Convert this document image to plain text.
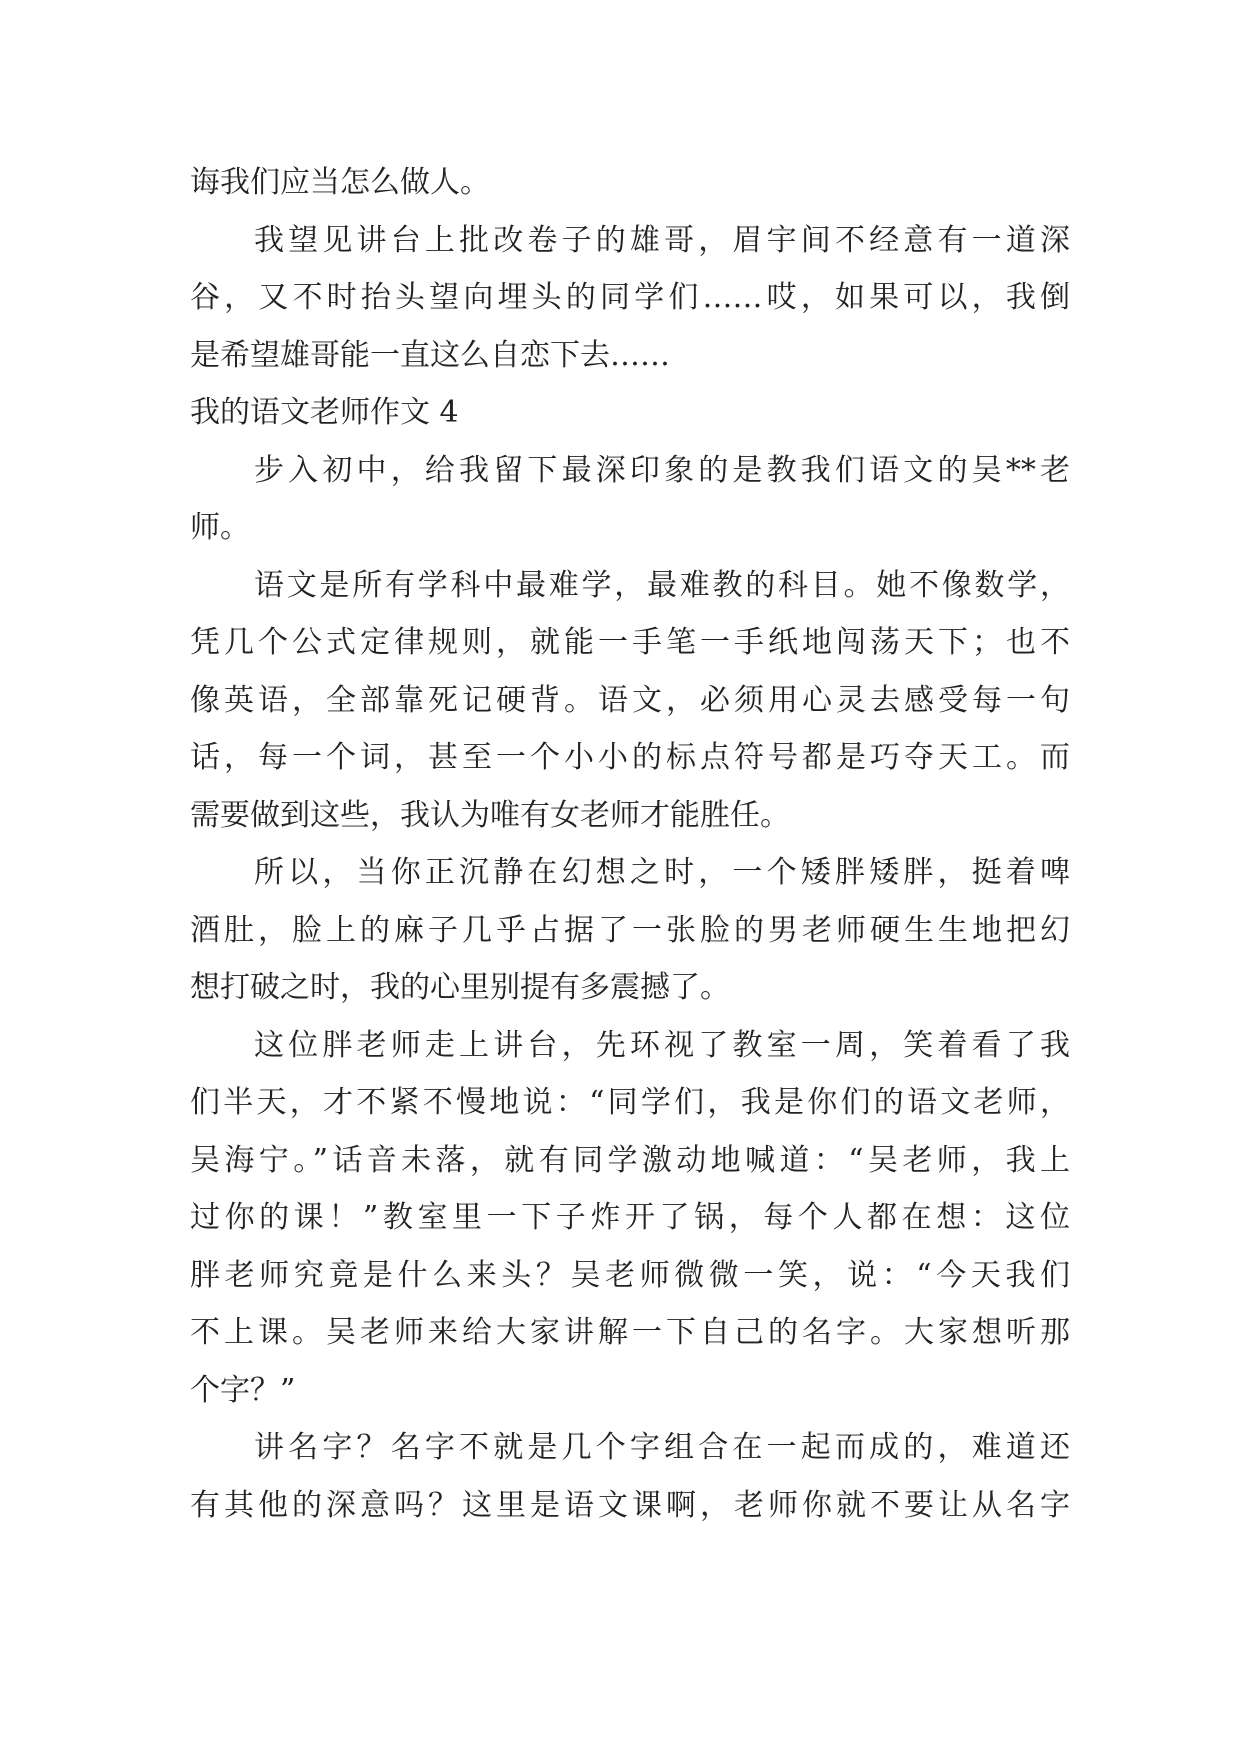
诲我们应当怎么做人。

我望见讲台上批改卷子的雄哥，眉宇间不经意有一道深
谷，又不时抬头望向埋头的同学们……哎，如果可以，我倒
是希望雄哥能一直这么自恋下去……

我的语文老师作文 4

步入初中，给我留下最深印象的是教我们语文的吴**老
师。

语文是所有学科中最难学，最难教的科目。她不像数学，
凭几个公式定律规则，就能一手笔一手纸地闯荡天下；也不
像英语，全部靠死记硬背。语文，必须用心灵去感受每一句
话，每一个词，甚至一个小小的标点符号都是巧夺天工。而
需要做到这些，我认为唯有女老师才能胜任。

所以，当你正沉静在幻想之时，一个矮胖矮胖，挺着啤
酒肚，脸上的麻子几乎占据了一张脸的男老师硬生生地把幻
想打破之时，我的心里别提有多震撼了。

这位胖老师走上讲台，先环视了教室一周，笑着看了我
们半天，才不紧不慢地说：“同学们，我是你们的语文老师，
吴海宁。”话音未落，就有同学激动地喊道：“吴老师，我上
过你的课！”教室里一下子炸开了锅，每个人都在想：这位
胖老师究竟是什么来头？吴老师微微一笑，说：“今天我们
不上课。吴老师来给大家讲解一下自己的名字。大家想听那
个字？”

讲名字？名字不就是几个字组合在一起而成的，难道还
有其他的深意吗？这里是语文课啊，老师你就不要让从名字
